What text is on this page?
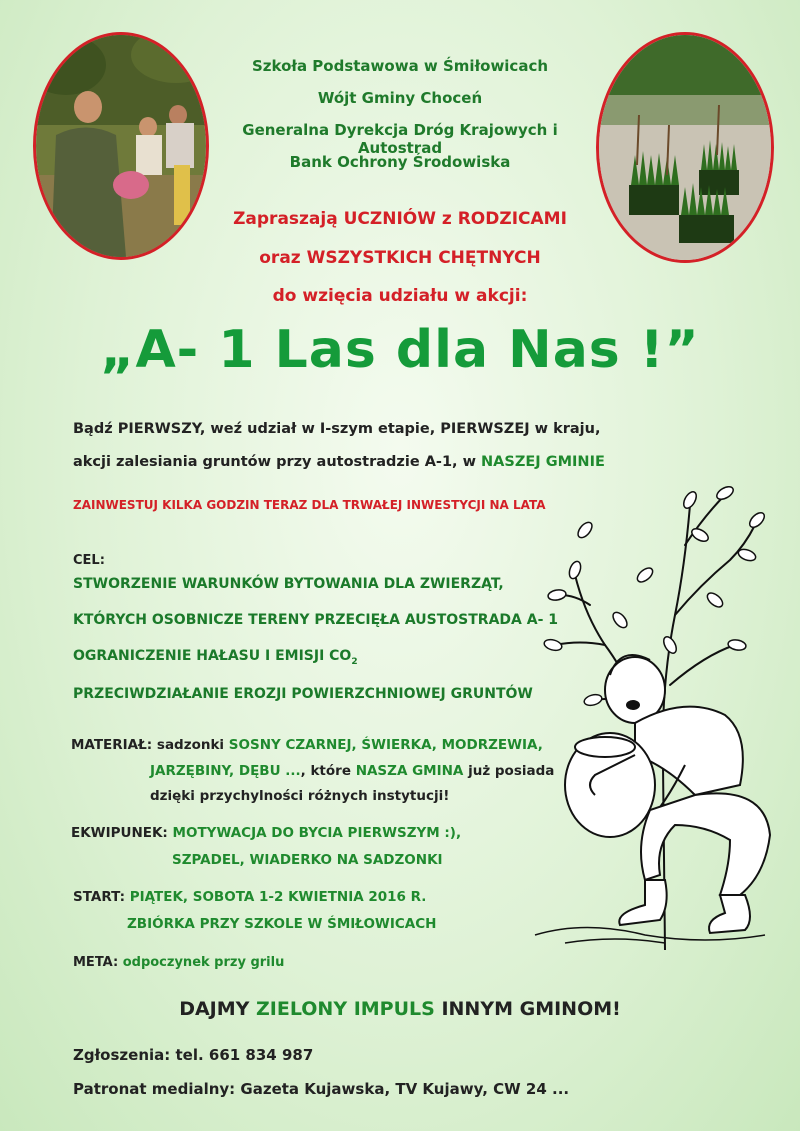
Szkoła Podstawowa w Śmiłowicach
Wójt Gminy Choceń
Generalna Dyrekcja Dróg Krajowych i Autostrad
Bank Ochrony Środowiska
Zapraszają UCZNIÓW z RODZICAMI
oraz WSZYSTKICH CHĘTNYCH
do wzięcia udziału w akcji:
„A- 1 Las dla Nas !”
Bądź PIERWSZY, weź udział w I-szym etapie, PIERWSZEJ w kraju,
akcji zalesiania gruntów przy autostradzie A-1, w NASZEJ GMINIE
ZAINWESTUJ KILKA GODZIN TERAZ DLA TRWAŁEJ INWESTYCJI NA LATA
CEL:
STWORZENIE WARUNKÓW BYTOWANIA DLA ZWIERZĄT,
KTÓRYCH OSOBNICZE TERENY PRZECIĘŁA AUSTOSTRADA A- 1
OGRANICZENIE HAŁASU I EMISJI $CO_2$
PRZECIWDZIAŁANIE EROZJI POWIERZCHNIOWEJ GRUNTÓW
MATERIAŁ: sadzonki SOSNY CZARNEJ, ŚWIERKA, MODRZEWIA,
JARZĘBINY, DĘBU ..., które NASZA GMINA już posiada
dzięki przychylności różnych instytucji!
EKWIPUNEK: MOTYWACJA DO BYCIA PIERWSZYM :),
SZPADEL, WIADERKO NA SADZONKI
START: PIĄTEK, SOBOTA 1-2 KWIETNIA 2016 R.
ZBIÓRKA PRZY SZKOLE W ŚMIŁOWICACH
META: odpoczynek przy grilu
DAJMY ZIELONY IMPULS INNYM GMINOM!
Zgłoszenia: tel. 661 834 987
Patronat medialny: Gazeta Kujawska, TV Kujawy, CW 24 ...
